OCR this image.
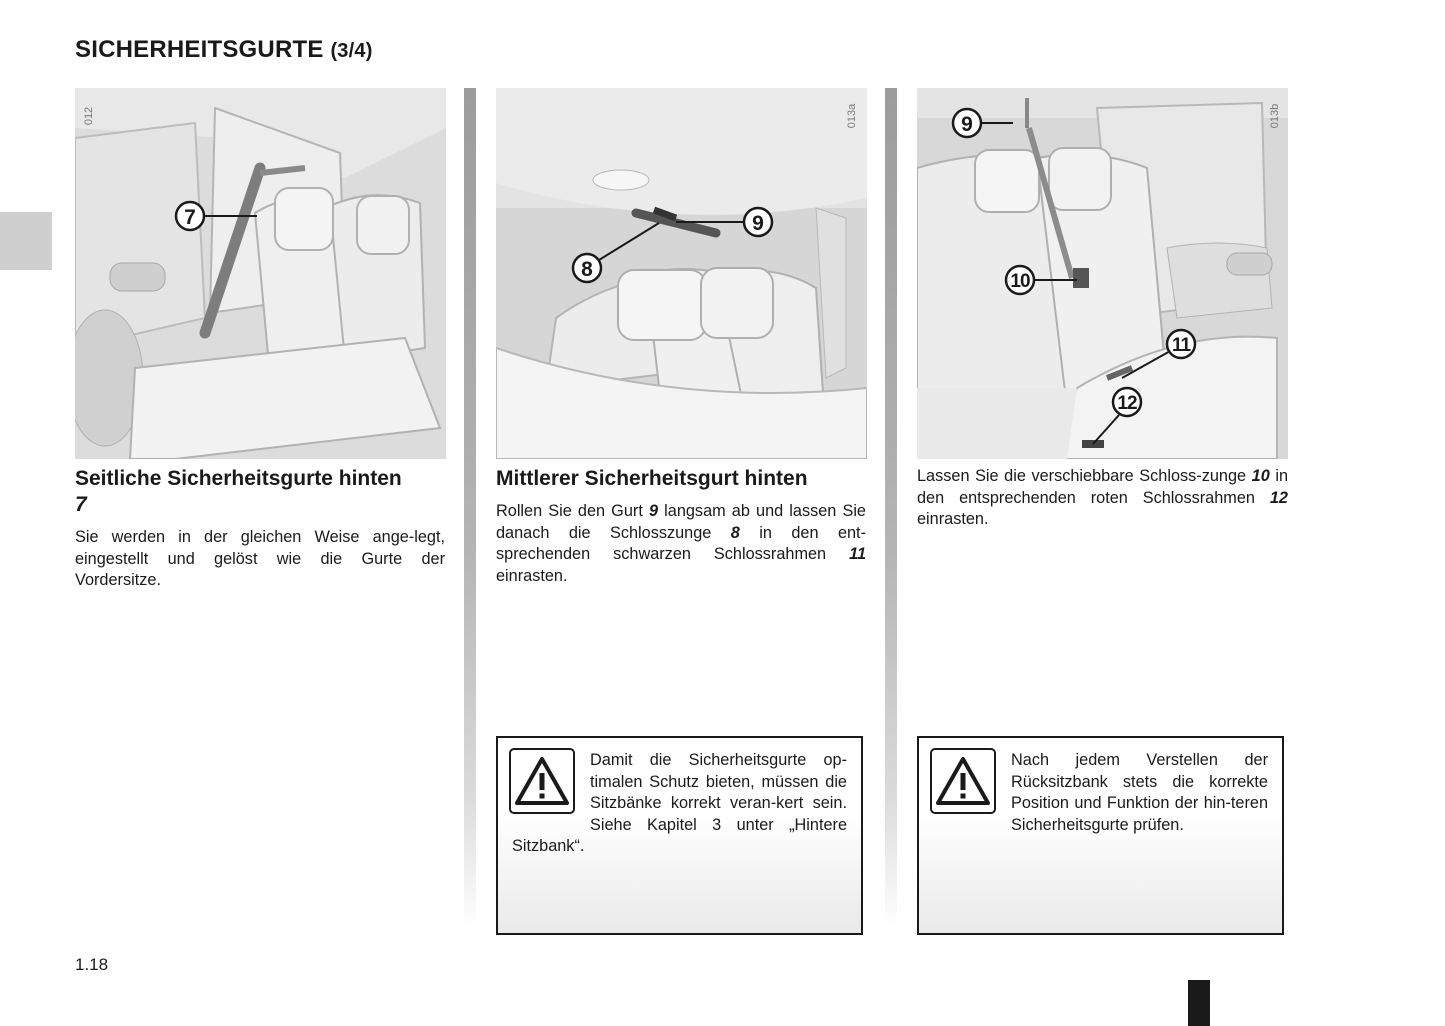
SICHERHEITSGURTE (3/4)
7
012
9
8
013a	9
10
11
12
013b
Seitliche Sicherheitsgurte hinten 7

Sie werden in der gleichen Weise ange-legt, eingestellt und gelöst wie die Gurte der Vordersitze.

Mittlerer Sicherheitsgurt hinten

Rollen Sie den Gurt 9 langsam ab und lassen Sie danach die Schlosszunge 8 in den ent-sprechenden schwarzen Schlossrahmen 11 einrasten.

Lassen Sie die verschiebbare Schloss-zunge 10 in den entsprechenden roten Schlossrahmen 12 einrasten.

Damit die Sicherheitsgurte op-timalen Schutz bieten, müssen die Sitzbänke korrekt veran-kert sein. Siehe Kapitel 3 unter „Hintere Sitzbank“.

Nach jedem Verstellen der Rücksitzbank stets die korrekte Position und Funktion der hin-teren Sicherheitsgurte prüfen.

1.18
